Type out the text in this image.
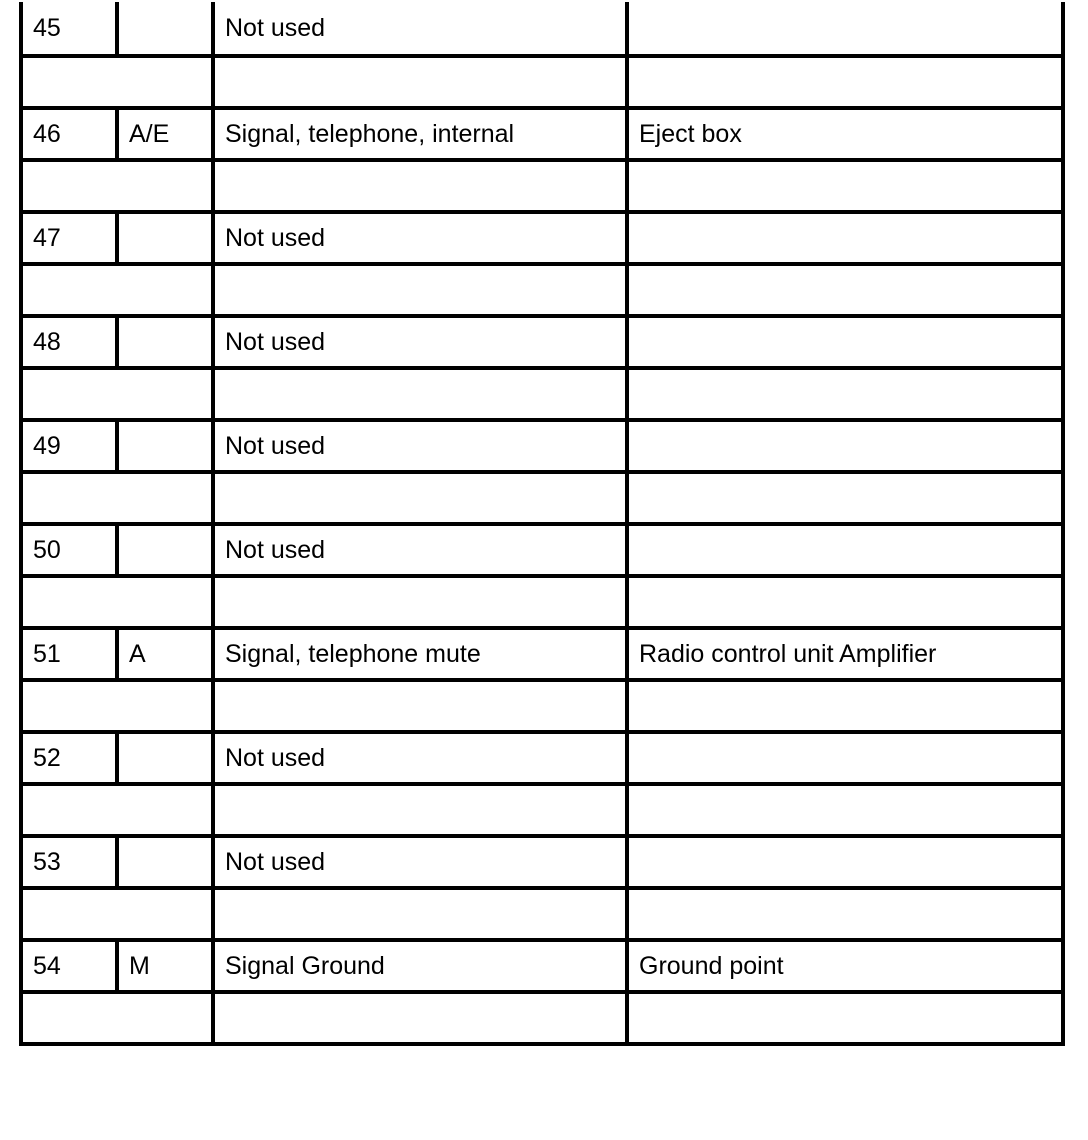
45		Not used	

46	A/E	Signal, telephone, internal	Eject box

47		Not used	

48		Not used	

49		Not used	

50		Not used	

51	A	Signal, telephone mute	Radio control unit Amplifier

52		Not used	

53		Not used	

54	M	Signal Ground	Ground point
